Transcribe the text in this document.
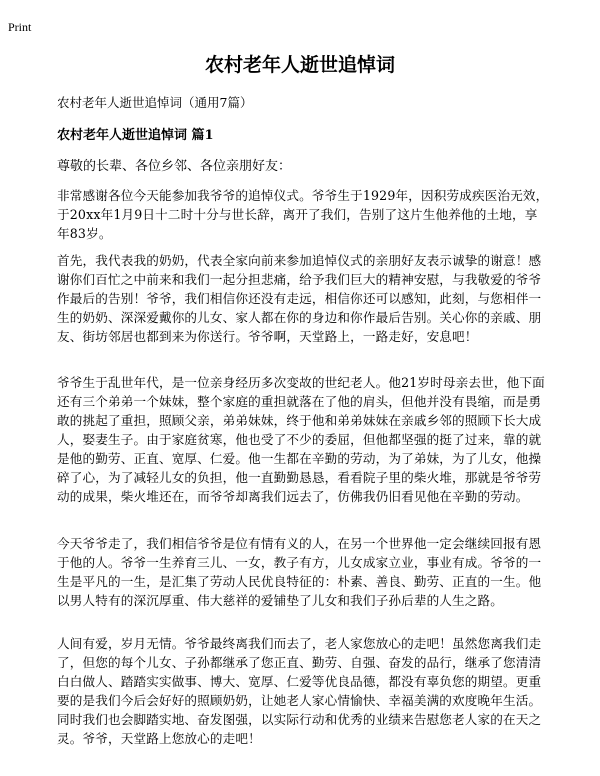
Print
农村老年人逝世追悼词
农村老年人逝世追悼词（通用7篇）
农村老年人逝世追悼词 篇1
尊敬的长辈、各位乡邻、各位亲朋好友：

非常感谢各位今天能参加我爷爷的追悼仪式。爷爷生于1929年，因积劳成疾医治无效，于20xx年1月9日十二时十分与世长辞，离开了我们，告别了这片生他养他的土地，享年83岁。

首先，我代表我的奶奶，代表全家向前来参加追悼仪式的亲朋好友表示诚挚的谢意！感谢你们百忙之中前来和我们一起分担悲痛，给予我们巨大的精神安慰，与我敬爱的爷爷作最后的告别！爷爷，我们相信你还没有走远，相信你还可以感知，此刻，与您相伴一生的奶奶、深深爱戴你的儿女、家人都在你的身边和你作最后告别。关心你的亲戚、朋友、街坊邻居也都到来为你送行。爷爷啊，天堂路上，一路走好，安息吧！

爷爷生于乱世年代，是一位亲身经历多次变故的世纪老人。他21岁时母亲去世，他下面还有三个弟弟一个妹妹，整个家庭的重担就落在了他的肩头，但他并没有畏缩，而是勇敢的挑起了重担，照顾父亲，弟弟妹妹，终于他和弟弟妹妹在亲戚乡邻的照顾下长大成人，娶妻生子。由于家庭贫寒，他也受了不少的委屈，但他都坚强的挺了过来，靠的就是他的勤劳、正直、宽厚、仁爱。他一生都在辛勤的劳动，为了弟妹，为了儿女，他操碎了心，为了减轻儿女的负担，他一直勤勤恳恳，看看院子里的柴火堆，那就是爷爷劳动的成果，柴火堆还在，而爷爷却离我们远去了，仿佛我仍旧看见他在辛勤的劳动。

今天爷爷走了，我们相信爷爷是位有情有义的人，在另一个世界他一定会继续回报有恩于他的人。爷爷一生养育三儿、一女，教子有方，儿女成家立业，事业有成。爷爷的一生是平凡的一生，是汇集了劳动人民优良特征的：朴素、善良、勤劳、正直的一生。他以男人特有的深沉厚重、伟大慈祥的爱铺垫了儿女和我们子孙后辈的人生之路。

人间有爱，岁月无情。爷爷最终离我们而去了，老人家您放心的走吧！虽然您离我们走了，但您的每个儿女、子孙都继承了您正直、勤劳、自强、奋发的品行，继承了您清清白白做人、踏踏实实做事、博大、宽厚、仁爱等优良品德，都没有辜负您的期望。更重要的是我们今后会好好的照顾奶奶，让她老人家心情愉快、幸福美满的欢度晚年生活。同时我们也会脚踏实地、奋发图强，以实际行动和优秀的业绩来告慰您老人家的在天之灵。爷爷，天堂路上您放心的走吧！
